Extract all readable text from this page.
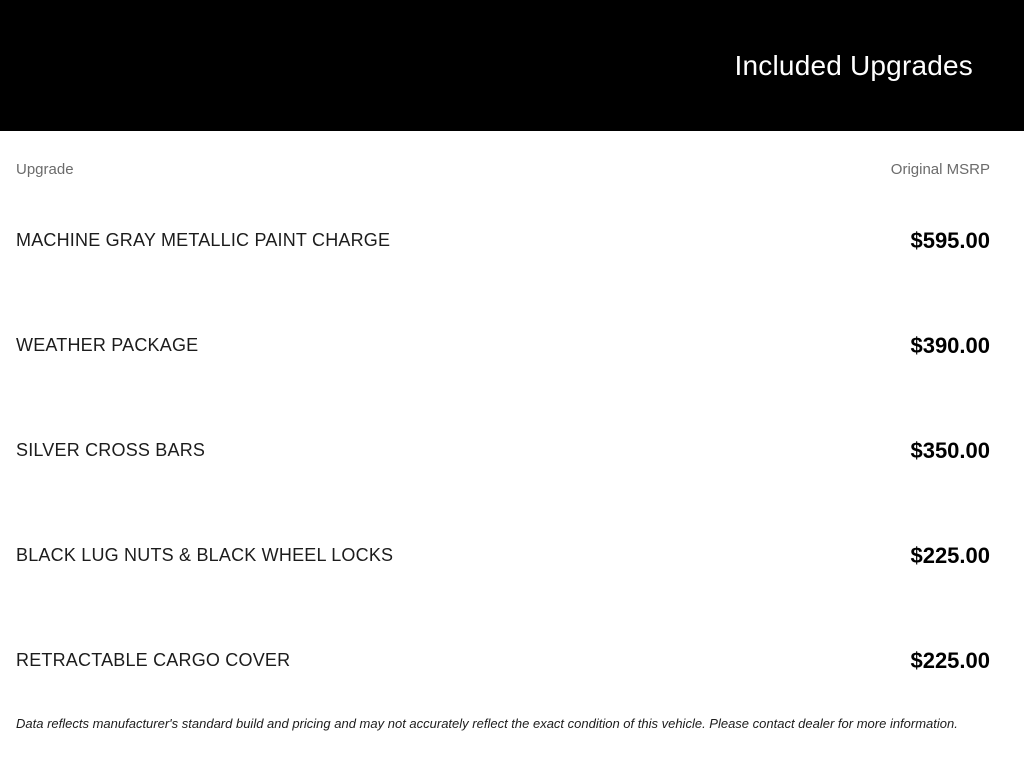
Included Upgrades
Upgrade	Original MSRP
MACHINE GRAY METALLIC PAINT CHARGE	$595.00
WEATHER PACKAGE	$390.00
SILVER CROSS BARS	$350.00
BLACK LUG NUTS & BLACK WHEEL LOCKS	$225.00
RETRACTABLE CARGO COVER	$225.00
Data reflects manufacturer's standard build and pricing and may not accurately reflect the exact condition of this vehicle. Please contact dealer for more information.
